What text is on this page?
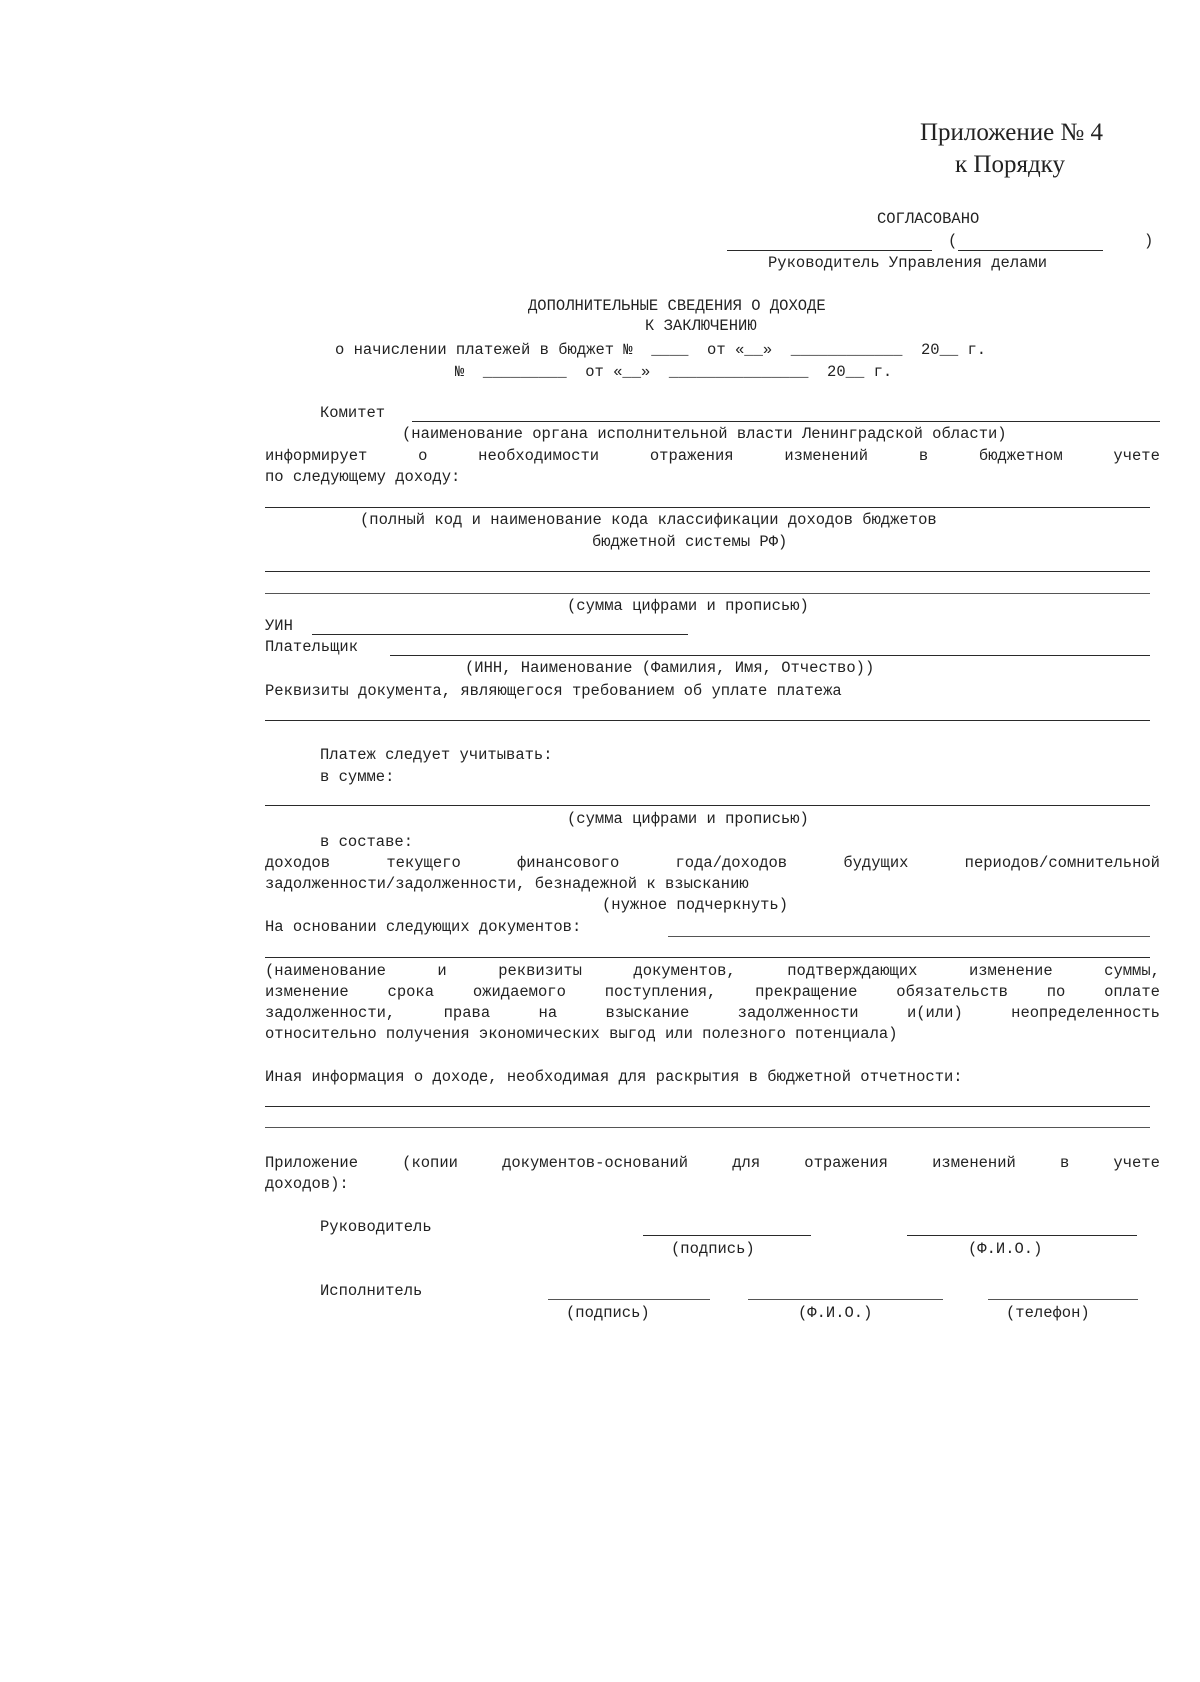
Приложение № 4
к Порядку
СОГЛАСОВАНО
(	)
Руководитель Управления делами
ДОПОЛНИТЕЛЬНЫЕ СВЕДЕНИЯ О ДОХОДЕ
К ЗАКЛЮЧЕНИЮ
о начислении платежей в бюджет №  ____  от «__»  ____________  20__ г.
№  _________  от «__»  _______________  20__ г.
Комитет
(наименование органа исполнительной власти Ленинградской области)
информирует	о	необходимости	отражения	изменений	в	бюджетном	учете
по следующему доходу:
(полный код и наименование кода классификации доходов бюджетов
бюджетной системы РФ)
(сумма цифрами и прописью)
УИН
Плательщик
(ИНН, Наименование (Фамилия, Имя, Отчество))
Реквизиты документа, являющегося требованием об уплате платежа
Платеж следует учитывать:
в сумме:
(сумма цифрами и прописью)
в составе:
доходов	текущего	финансового	года/доходов	будущих	периодов/сомнительной
задолженности/задолженности, безнадежной к взысканию
(нужное подчеркнуть)
На основании следующих документов:
(наименование	и	реквизиты	документов,	подтверждающих	изменение	суммы,
изменение	срока	ожидаемого	поступления,	прекращение	обязательств	по	оплате
задолженности,	права	на	взыскание	задолженности	и(или)	неопределенность
относительно получения экономических выгод или полезного потенциала)
Иная информация о доходе, необходимая для раскрытия в бюджетной отчетности:
Приложение	(копии	документов-оснований	для	отражения	изменений	в	учете
доходов):
Руководитель
(подпись)	(Ф.И.О.)
Исполнитель
(подпись)	(Ф.И.О.)	(телефон)
